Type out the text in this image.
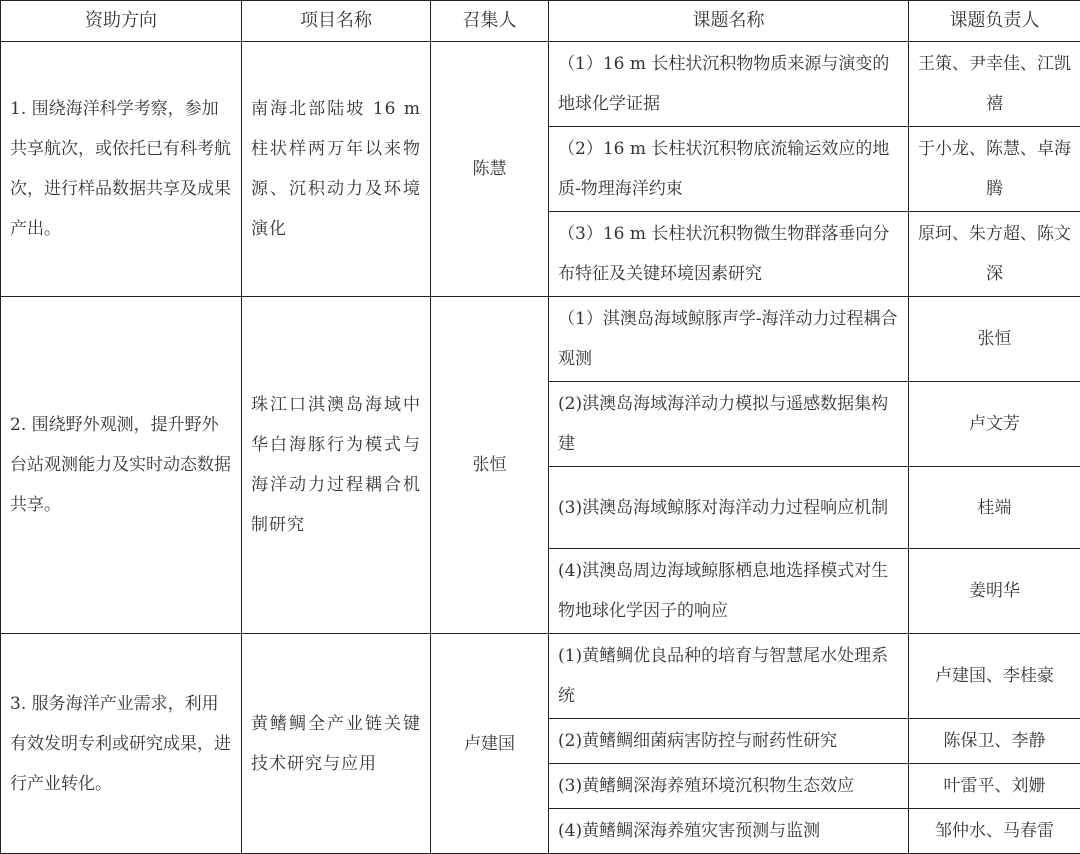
资助方向	项目名称	召集人	课题名称	课题负责人
1. 围绕海洋科学考察，参加共享航次，或依托已有科考航次，进行样品数据共享及成果产出。	南海北部陆坡 16 m 柱状样两万年以来物源、沉积动力及环境演化	陈慧	（1）16 m 长柱状沉积物物质来源与演变的地球化学证据	王策、尹幸佳、江凯禧
			（2）16 m 长柱状沉积物底流输运效应的地质-物理海洋约束	于小龙、陈慧、卓海腾
			（3）16 m 长柱状沉积物微生物群落垂向分布特征及关键环境因素研究	原珂、朱方超、陈文深
2. 围绕野外观测，提升野外台站观测能力及实时动态数据共享。	珠江口淇澳岛海域中华白海豚行为模式与海洋动力过程耦合机制研究	张恒	（1）淇澳岛海域鲸豚声学-海洋动力过程耦合观测	张恒
			(2)淇澳岛海域海洋动力模拟与遥感数据集构建	卢文芳
			(3)淇澳岛海域鲸豚对海洋动力过程响应机制	桂端
			(4)淇澳岛周边海域鲸豚栖息地选择模式对生物地球化学因子的响应	姜明华
3. 服务海洋产业需求，利用有效发明专利或研究成果，进行产业转化。	黄鳍鲷全产业链关键技术研究与应用	卢建国	(1)黄鳍鲷优良品种的培育与智慧尾水处理系统	卢建国、李桂豪
			(2)黄鳍鲷细菌病害防控与耐药性研究	陈保卫、李静
			(3)黄鳍鲷深海养殖环境沉积物生态效应	叶雷平、刘姗
			(4)黄鳍鲷深海养殖灾害预测与监测	邹仲水、马春雷
